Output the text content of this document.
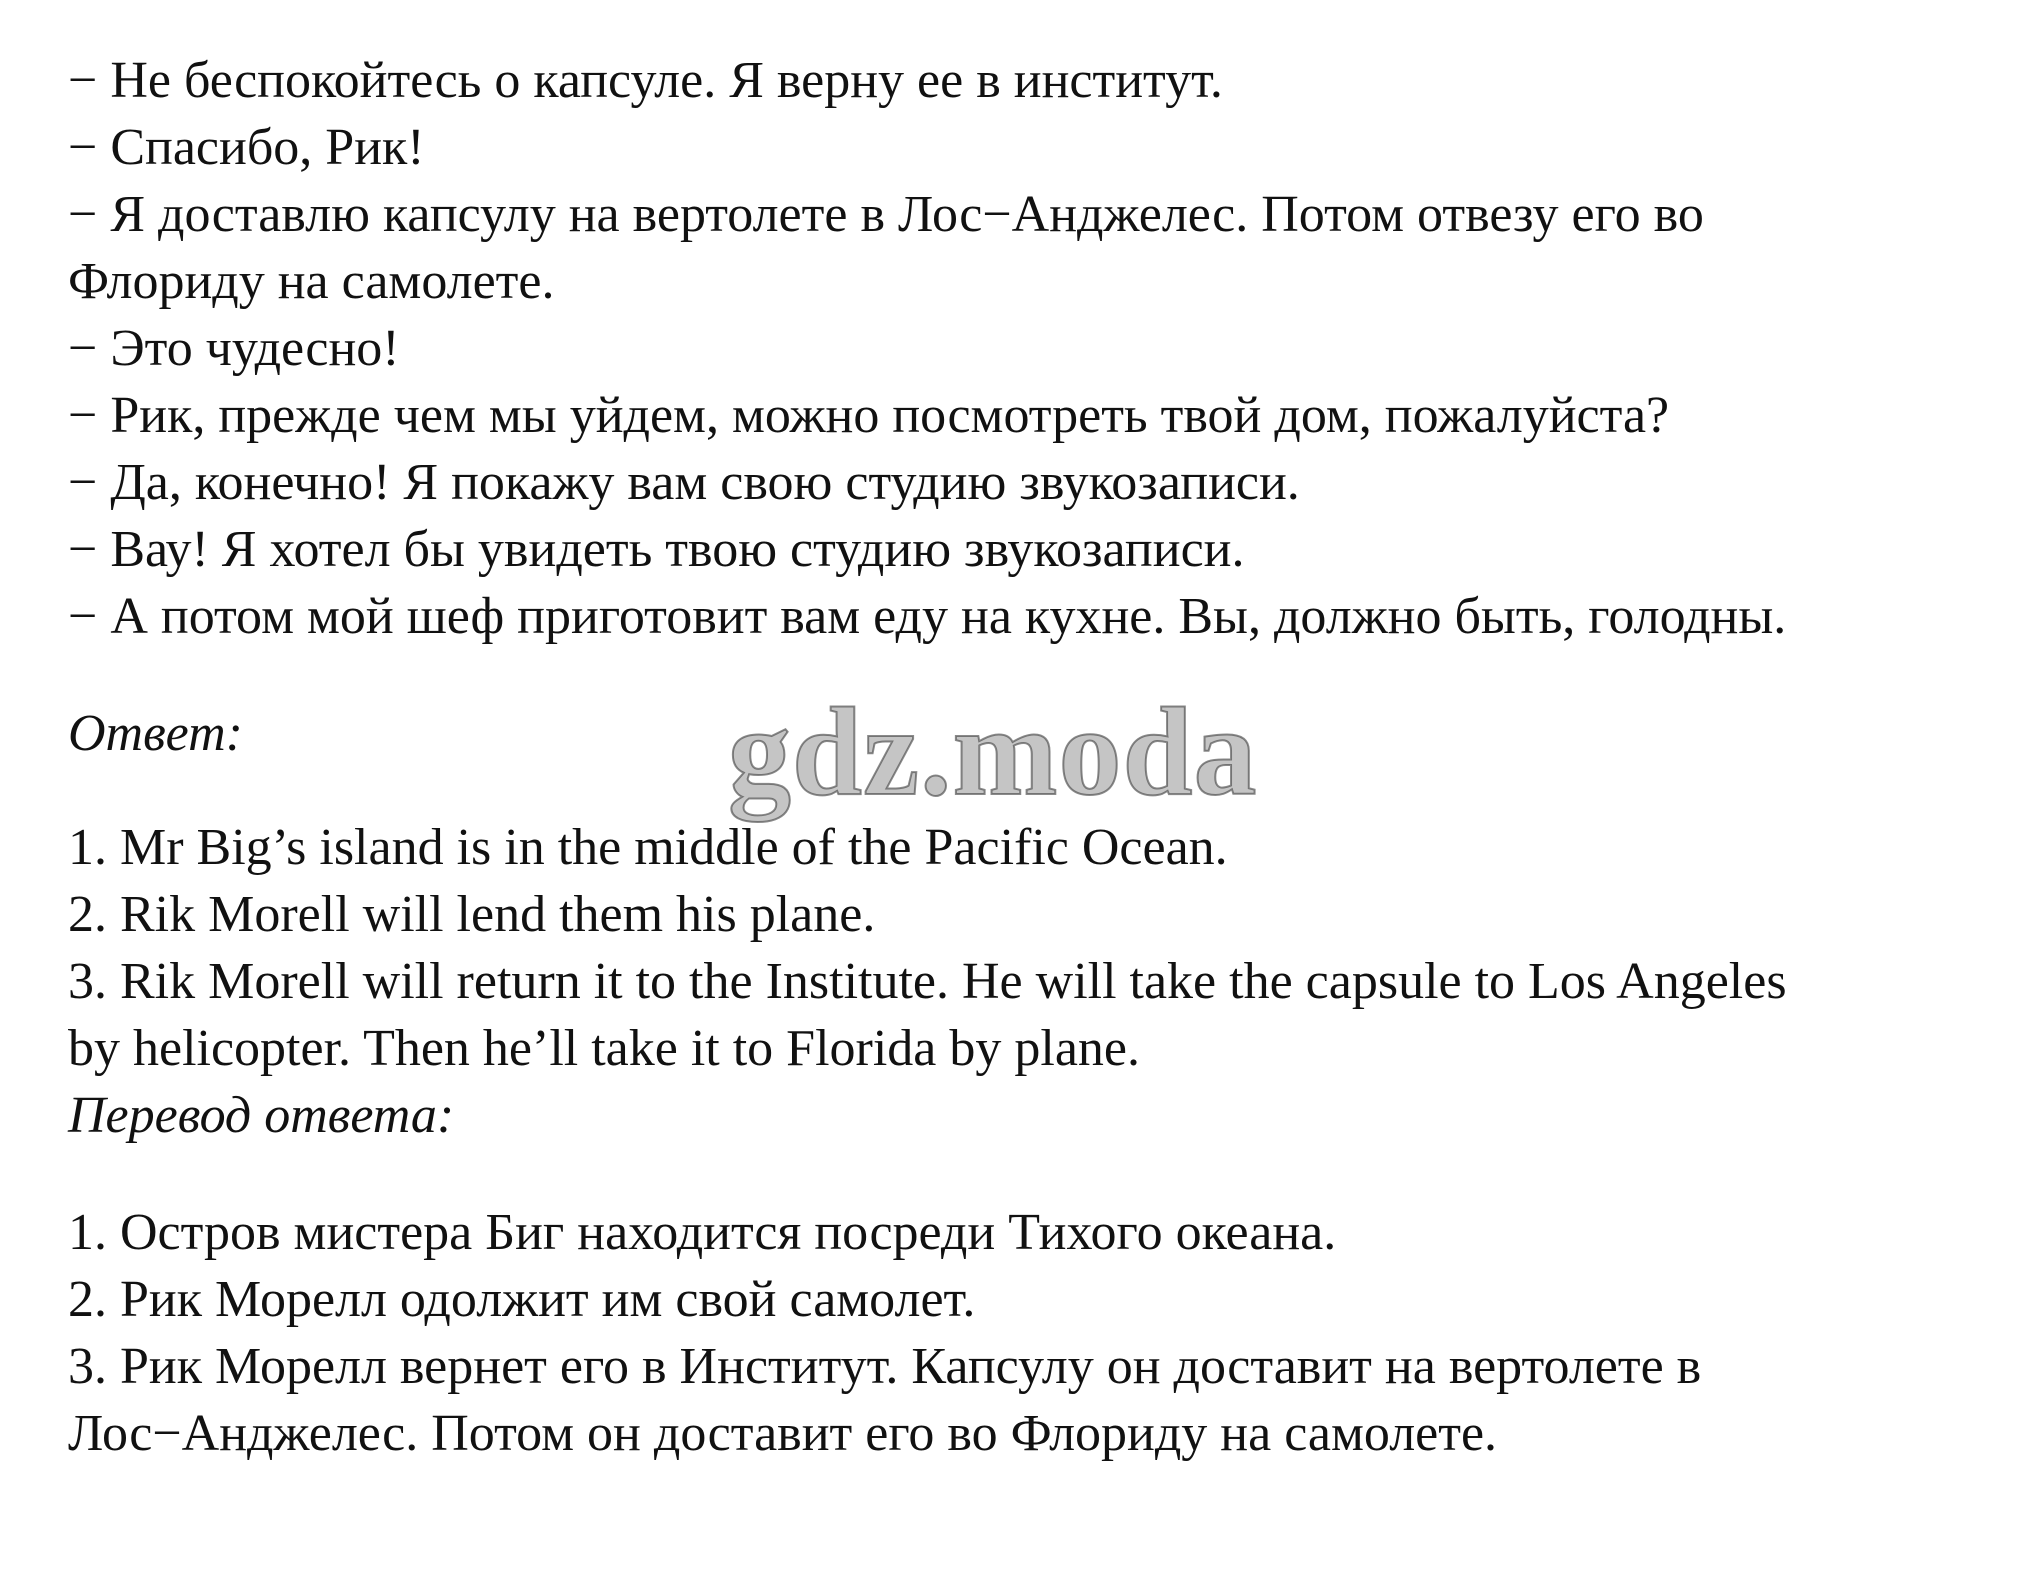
− Не беспокойтесь о капсуле. Я верну ее в институт.
− Спасибо, Рик!
− Я доставлю капсулу на вертолете в Лос−Анджелес. Потом отвезу его во
Флориду на самолете.
− Это чудесно!
− Рик, прежде чем мы уйдем, можно посмотреть твой дом, пожалуйста?
− Да, конечно! Я покажу вам свою студию звукозаписи.
− Вау! Я хотел бы увидеть твою студию звукозаписи.
− А потом мой шеф приготовит вам еду на кухне. Вы, должно быть, голодны.
Ответ:	gdz.moda
1. Mr Big’s island is in the middle of the Pacific Ocean.
2. Rik Morell will lend them his plane.
3. Rik Morell will return it to the Institute. He will take the capsule to Los Angeles
by helicopter. Then he’ll take it to Florida by plane.
Перевод ответа:
1. Остров мистера Биг находится посреди Тихого океана.
2. Рик Морелл одолжит им свой самолет.
3. Рик Морелл вернет его в Институт. Капсулу он доставит на вертолете в
Лос−Анджелес. Потом он доставит его во Флориду на самолете.
